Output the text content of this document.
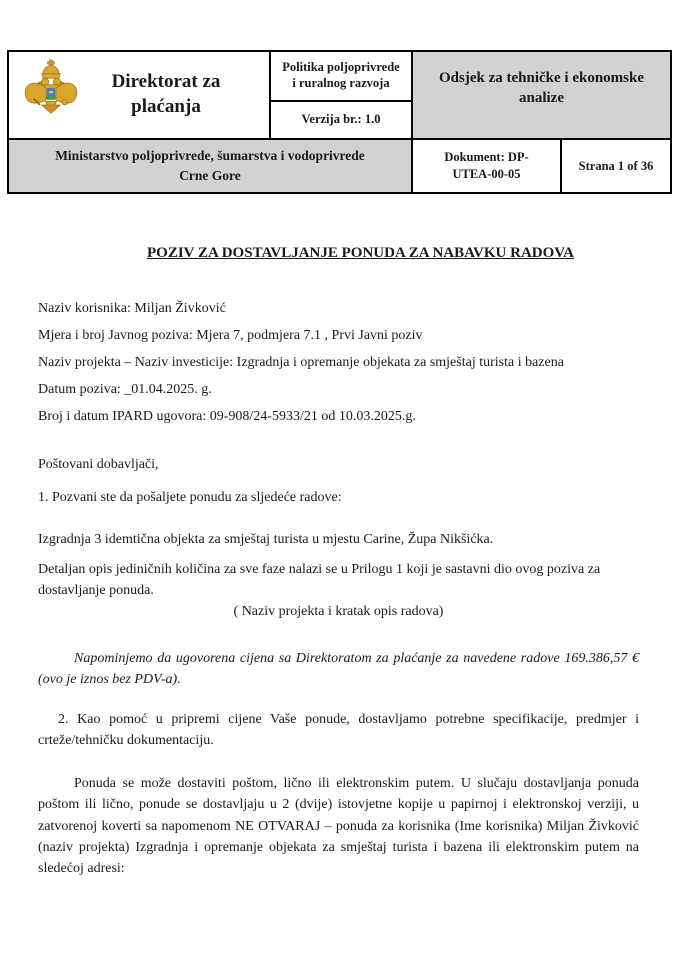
Direktorat za plaćanja
Politika poljoprivrede i ruralnog razvoja
Verzija br.: 1.0
Odsjek za tehničke i ekonomske analize
Ministarstvo poljoprivrede, šumarstva i vodoprivrede Crne Gore
Dokument: DP-UTEA-00-05
Strana 1 of 36
POZIV ZA DOSTAVLJANJE PONUDA ZA NABAVKU RADOVA
Naziv korisnika: Miljan Živković
Mjera i broj Javnog poziva: Mjera 7, podmjera 7.1 , Prvi Javni poziv
Naziv projekta – Naziv investicije: Izgradnja i opremanje objekata za smještaj turista i bazena
Datum poziva: _01.04.2025. g.
Broj i datum IPARD ugovora: 09-908/24-5933/21 od 10.03.2025.g.
Poštovani dobavljači,
1. Pozvani ste da pošaljete ponudu za sljedeće radove:
Izgradnja 3 idemtična objekta za smještaj turista u mjestu Carine, Župa Nikšićka.
Detaljan opis jediničnih količina za sve faze nalazi se u Prilogu 1 koji je sastavni dio ovog poziva za dostavljanje ponuda.
( Naziv projekta i kratak opis radova)
Napominjemo da ugovorena cijena sa Direktoratom za plaćanje za navedene radove 169.386,57 € (ovo je iznos bez PDV-a).
2. Kao pomoć u pripremi cijene Vaše ponude, dostavljamo potrebne specifikacije, predmjer i crteže/tehničku dokumentaciju.
Ponuda se može dostaviti poštom, lično ili elektronskim putem. U slučaju dostavljanja ponuda poštom ili lično, ponude se dostavljaju u 2 (dvije) istovjetne kopije u papirnoj i elektronskoj verziji, u zatvorenoj koverti sa napomenom NE OTVARAJ – ponuda za korisnika (Ime korisnika) Miljan Živković (naziv projekta) Izgradnja i opremanje objekata za smještaj turista i bazena ili elektronskim putem na sledećoj adresi:
